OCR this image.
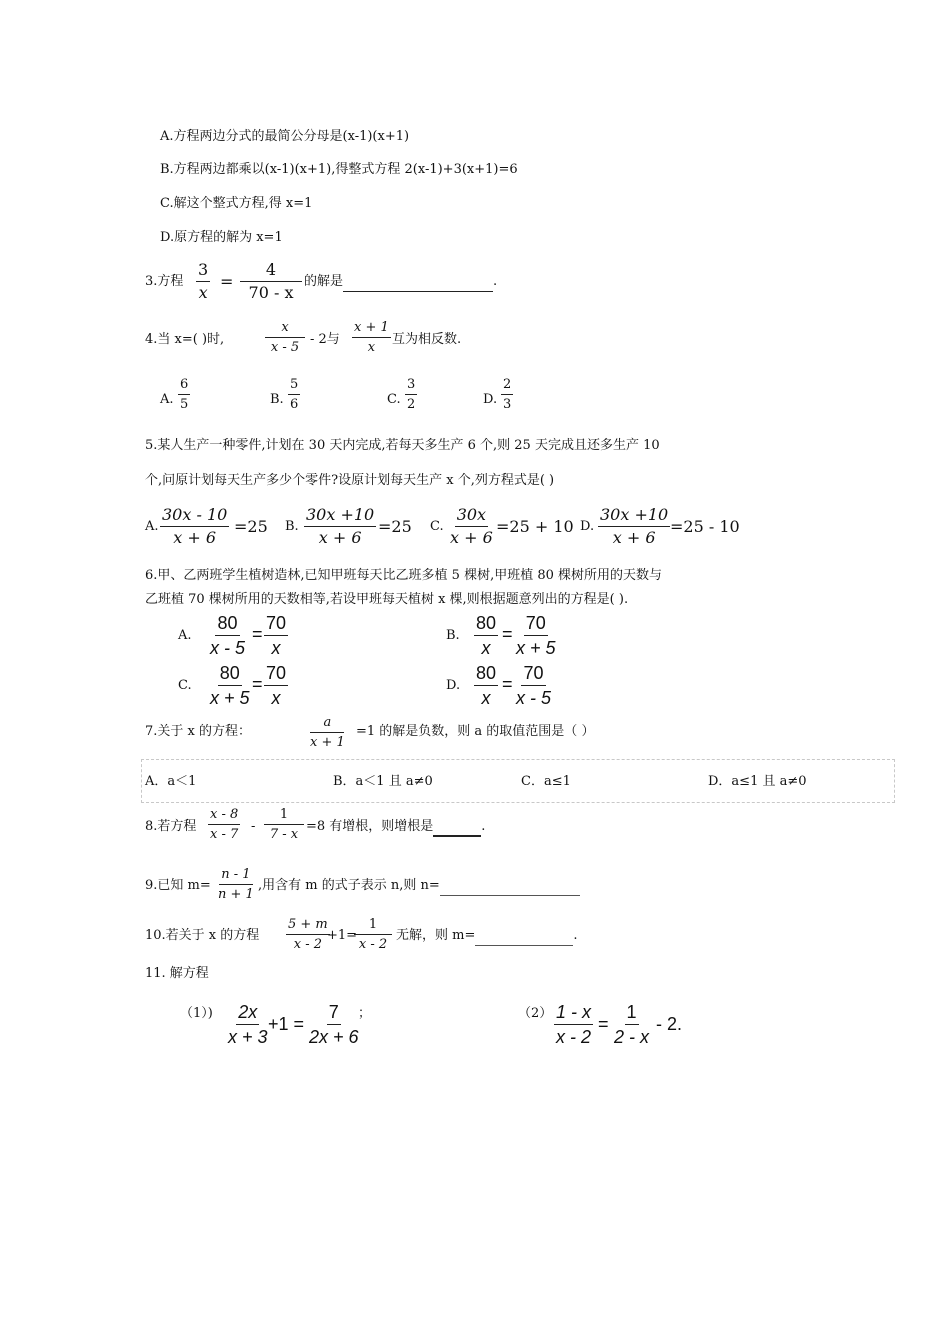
A.方程两边分式的最简公分母是(x-1)(x+1)
B.方程两边都乘以(x-1)(x+1),得整式方程 2(x-1)+3(x+1)=6
C.解这个整式方程,得 x=1
D.原方程的解为 x=1
3.方程 $\frac{3}{x} = \frac{4}{70 - x}$ 的解是	.
4.当 x=( )时,	$\frac{x}{x - 5} - 2$与 $\frac{x + 1}{x}$ 互为相反数.
A. $\frac{6}{5}$	B. $\frac{5}{6}$	C. $\frac{3}{2}$	D. $\frac{2}{3}$
5.某人生产一种零件,计划在 30 天内完成,若每天多生产 6 个,则 25 天完成且还多生产 10
个,问原计划每天生产多少个零件?设原计划每天生产 x 个,列方程式是( )
A. $\frac{30x - 10}{x + 6} =25$ B. $\frac{30x +10}{x + 6} =25$ C. $\frac{30x}{x + 6} =25 + 10$ D. $\frac{30x +10}{x + 6} =25 - 10$
6.甲、乙两班学生植树造林,已知甲班每天比乙班多植 5 棵树,甲班植 80 棵树所用的天数与
乙班植 70 棵树所用的天数相等,若设甲班每天植树 x 棵,则根据题意列出的方程是( ).
A. $\frac{80}{x - 5} = \frac{70}{x}$	B. $\frac{80}{x} = \frac{70}{x + 5}$
C. $\frac{80}{x + 5} = \frac{70}{x}$	D. $\frac{80}{x} = \frac{70}{x - 5}$
7.关于 x 的方程：	$\frac{a}{x + 1} =1$ 的解是负数，则 a 的取值范围是（ ）
A．a＜1	B．a＜1 且 a≠0	C．a≤1	D．a≤1 且 a≠0
8.若方程 $\frac{x - 8}{x - 7} - \frac{1}{7 - x} =8$ 有增根，则增根是	.
9.已知 $m= \frac{n - 1}{n + 1}$ ,用含有 m 的式子表示 n,则 n=
10.若关于 x 的方程 $\frac{5 + m}{x - 2}$
+1=
$\frac{1}{x - 2}$ 无解，则 m=	.
11. 解方程
$(1)) \frac{2x}{x + 3}$
$+1 = \frac{7}{2x + 6}$
；	$(2) \frac{1 - x}{x - 2} = \frac{1}{2 - x} - 2$.
